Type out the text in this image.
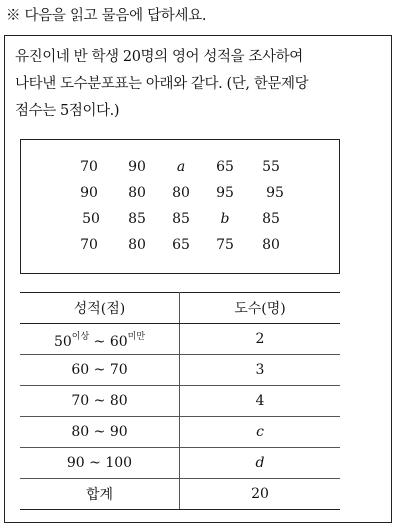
※ 다음을 읽고 물음에 답하세요.
유진이네 반 학생 20명의 영어 성적을 조사하여
나타낸 도수분포표는 아래와 같다. (단, 한문제당
점수는 5점이다.)
70 90 a 65 55
90 80 80 95 95
50 85 85 b 85
70 80 65 75 80
성적(점)	도수(명)
$50^{이상}$ ~ $60^{미만}$	2
60 ~ 70	3
70 ~ 80	4
80 ~ 90	c
90 ~ 100	d
합계	20
